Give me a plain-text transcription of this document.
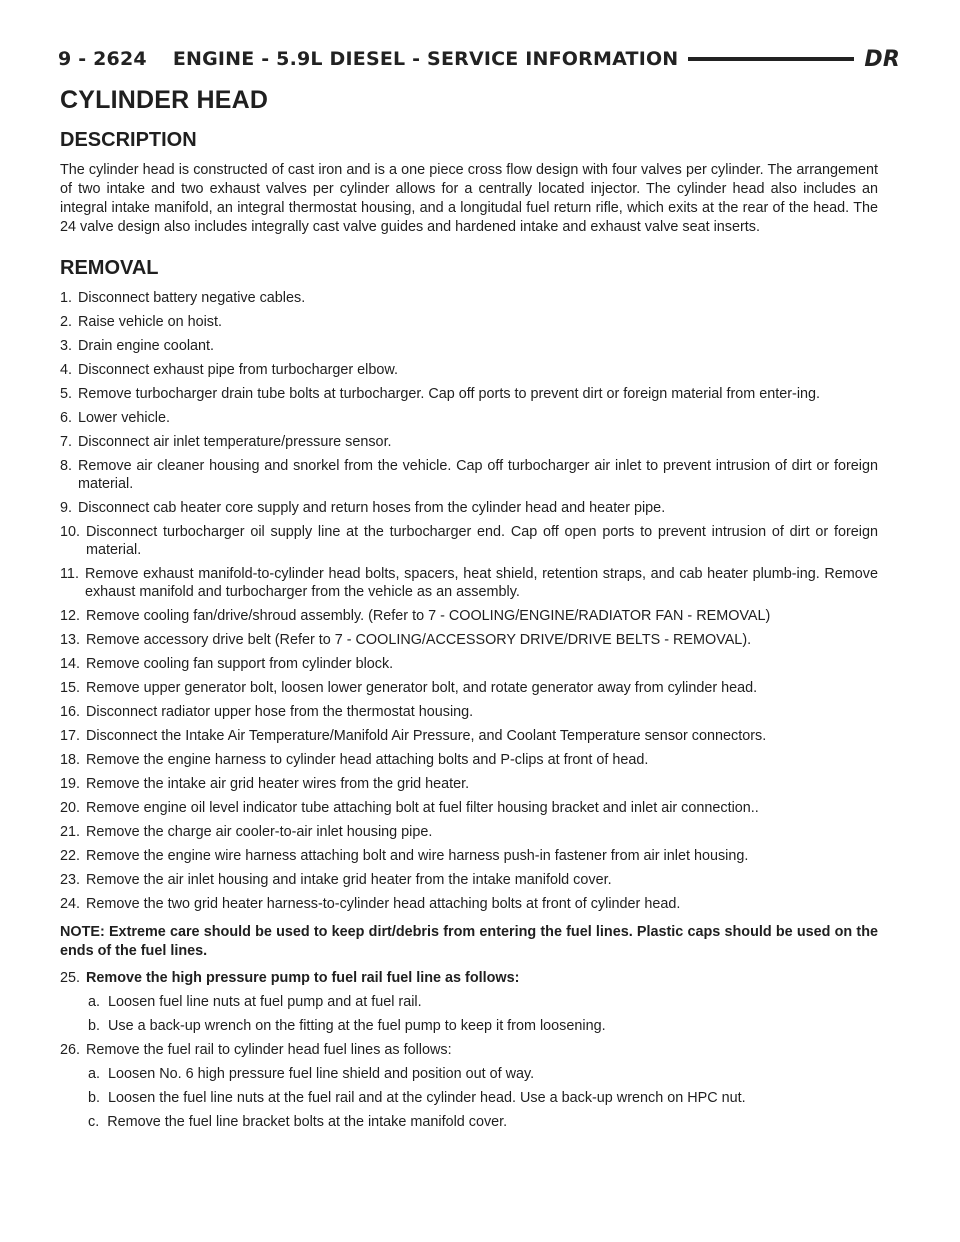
9 - 2624 ENGINE - 5.9L DIESEL - SERVICE INFORMATION	DR
CYLINDER HEAD
DESCRIPTION

The cylinder head is constructed of cast iron and is a one piece cross flow design with four valves per cylinder. The arrangement of two intake and two exhaust valves per cylinder allows for a centrally located injector. The cylinder head also includes an integral intake manifold, an integral thermostat housing, and a longitudal fuel return rifle, which exits at the rear of the head. The 24 valve design also includes integrally cast valve guides and hardened intake and exhaust valve seat inserts.

REMOVAL
1. Disconnect battery negative cables.
2. Raise vehicle on hoist.
3. Drain engine coolant.
4. Disconnect exhaust pipe from turbocharger elbow.
5. Remove turbocharger drain tube bolts at turbocharger. Cap off ports to prevent dirt or foreign material from enter-ing.
6. Lower vehicle.
7. Disconnect air inlet temperature/pressure sensor.
8. Remove air cleaner housing and snorkel from the vehicle. Cap off turbocharger air inlet to prevent intrusion of dirt or foreign material.
9. Disconnect cab heater core supply and return hoses from the cylinder head and heater pipe.
10. Disconnect turbocharger oil supply line at the turbocharger end. Cap off open ports to prevent intrusion of dirt or foreign material.
11. Remove exhaust manifold-to-cylinder head bolts, spacers, heat shield, retention straps, and cab heater plumb-ing. Remove exhaust manifold and turbocharger from the vehicle as an assembly.
12. Remove cooling fan/drive/shroud assembly. (Refer to 7 - COOLING/ENGINE/RADIATOR FAN - REMOVAL)
13. Remove accessory drive belt (Refer to 7 - COOLING/ACCESSORY DRIVE/DRIVE BELTS - REMOVAL).
14. Remove cooling fan support from cylinder block.
15. Remove upper generator bolt, loosen lower generator bolt, and rotate generator away from cylinder head.
16. Disconnect radiator upper hose from the thermostat housing.
17. Disconnect the Intake Air Temperature/Manifold Air Pressure, and Coolant Temperature sensor connectors.
18. Remove the engine harness to cylinder head attaching bolts and P-clips at front of head.
19. Remove the intake air grid heater wires from the grid heater.
20. Remove engine oil level indicator tube attaching bolt at fuel filter housing bracket and inlet air connection..
21. Remove the charge air cooler-to-air inlet housing pipe.
22. Remove the engine wire harness attaching bolt and wire harness push-in fastener from air inlet housing.
23. Remove the air inlet housing and intake grid heater from the intake manifold cover.
24. Remove the two grid heater harness-to-cylinder head attaching bolts at front of cylinder head.
NOTE: Extreme care should be used to keep dirt/debris from entering the fuel lines. Plastic caps should be used on the ends of the fuel lines.
25. Remove the high pressure pump to fuel rail fuel line as follows:
a. Loosen fuel line nuts at fuel pump and at fuel rail.
b. Use a back-up wrench on the fitting at the fuel pump to keep it from loosening.
26. Remove the fuel rail to cylinder head fuel lines as follows:
a. Loosen No. 6 high pressure fuel line shield and position out of way.
b. Loosen the fuel line nuts at the fuel rail and at the cylinder head. Use a back-up wrench on HPC nut.
c. Remove the fuel line bracket bolts at the intake manifold cover.
